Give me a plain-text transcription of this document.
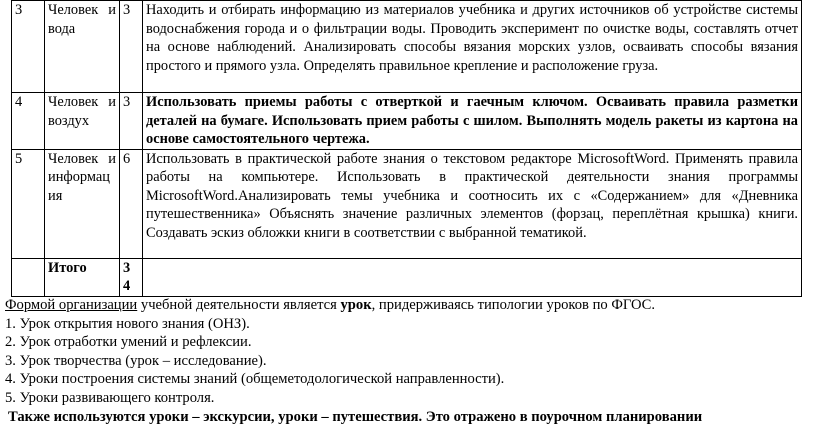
3	Человек и вода	3	Находить и отбирать информацию из материалов учебника и других источников об устройстве системы водоснабжения города и о фильтрации воды. Проводить эксперимент по очистке воды, составлять отчет на основе наблюдений. Анализировать способы вязания морских узлов, осваивать способы вязания простого и прямого узла. Определять правильное крепление и расположение груза.
4	Человек и воздух	3	Использовать приемы работы с отверткой и гаечным ключом. Осваивать правила разметки деталей на бумаге. Использовать прием работы с шилом. Выполнять модель ракеты из картона на основе самостоятельного чертежа.
5	Человек и информац ия	6	Использовать в практической работе знания о текстовом редакторе MicrosoftWord. Применять правила работы на компьютере. Использовать в практической деятельности знания программы MicrosoftWord.Анализировать темы учебника и соотносить их с «Содержанием» для «Дневника путешественника» Объяснять значение различных элементов (форзац, переплётная крышка) книги. Создавать эскиз обложки книги в соответствии с выбранной тематикой.
	Итого	3 4	

Формой организации учебной деятельности является урок, придерживаясь типологии уроков по ФГОС.

1. Урок открытия нового знания (ОНЗ).

2. Урок отработки умений и рефлексии.

3. Урок творчества (урок – исследование).

4. Уроки построения системы знаний (общеметодологической направленности).

5. Уроки развивающего контроля.

Также используются уроки – экскурсии, уроки – путешествия. Это отражено в поурочном планировании
